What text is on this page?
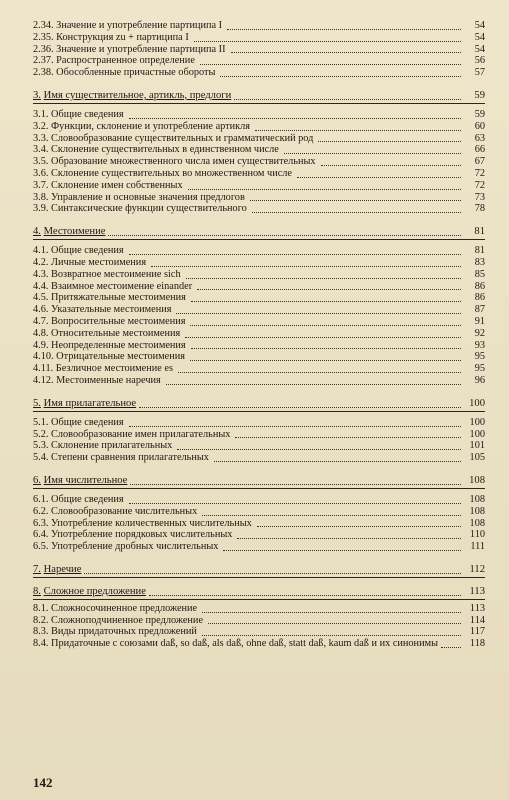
2.34. Значение и употребление партиципа I	54
2.35. Конструкция zu + партиципа I	54
2.36. Значение и употребление партиципа II	54
2.37. Распространенное определение	56
2.38. Обособленные причастные обороты	57
3. Имя существительное, артикль, предлоги	59
3.1. Общие сведения	59
3.2. Функции, склонение и употребление артикля	60
3.3. Словообразование существительных и грамматический род	63
3.4. Склонение существительных в единственном числе	66
3.5. Образование множественного числа имен существительных	67
3.6. Склонение существительных во множественном числе	72
3.7. Склонение имен собственных	72
3.8. Управление и основные значения предлогов	73
3.9. Синтаксические функции существительного	78
4. Местоимение	81
4.1. Общие сведения	81
4.2. Личные местоимения	83
4.3. Возвратное местоимение sich	85
4.4. Взаимное местоимение einander	86
4.5. Притяжательные местоимения	86
4.6. Указательные местоимения	87
4.7. Вопросительные местоимения	91
4.8. Относительные местоимения	92
4.9. Неопределенные местоимения	93
4.10. Отрицательные местоимения	95
4.11. Безличное местоимение es	95
4.12. Местоименные наречия	96
5. Имя прилагательное	100
5.1. Общие сведения	100
5.2. Словообразование имен прилагательных	100
5.3. Склонение прилагательных	101
5.4. Степени сравнения прилагательных	105
6. Имя числительное	108
6.1. Общие сведения	108
6.2. Словообразование числительных	108
6.3. Употребление количественных числительных	108
6.4. Употребление порядковых числительных	110
6.5. Употребление дробных числительных	111
7. Наречие	112
8. Сложное предложение	113
8.1. Сложносочиненное предложение	113
8.2. Сложноподчиненное предложение	114
8.3. Виды придаточных предложений	117
8.4. Придаточные с союзами daß, so daß, als daß, ohne daß, statt daß, kaum daß и их синонимы	118
142
